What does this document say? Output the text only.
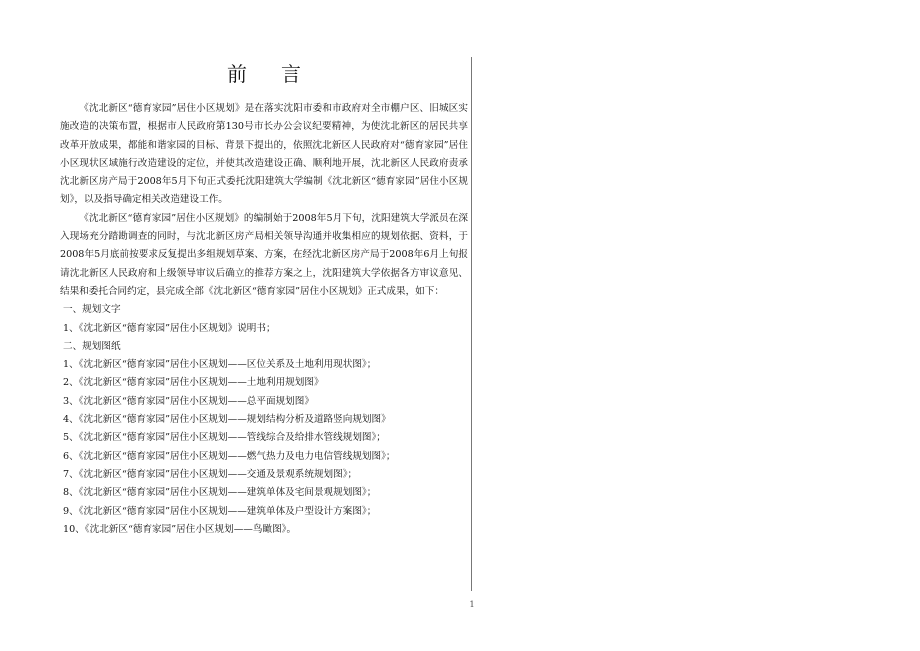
前言

《沈北新区“德育家园”居住小区规划》是在落实沈阳市委和市政府对全市棚户区、旧城区实施改造的决策布置，根据市人民政府第130号市长办公会议纪要精神，为使沈北新区的居民共享改革开放成果，都能和谐家园的目标、背景下提出的，依照沈北新区人民政府对“德育家园”居住小区现状区域施行改造建设的定位，并使其改造建设正确、顺利地开展，沈北新区人民政府责承沈北新区房产局于2008年5月下旬正式委托沈阳建筑大学编制《沈北新区“德育家园”居住小区规划》，以及指导确定相关改造建设工作。

《沈北新区“德育家园”居住小区规划》的编制始于2008年5月下旬，沈阳建筑大学派员在深入现场充分踏勘调查的同时，与沈北新区房产局相关领导沟通并收集相应的规划依据、资料，于2008年5月底前按要求反复提出多组规划草案、方案，在经沈北新区房产局于2008年6月上旬报请沈北新区人民政府和上级领导审议后确立的推荐方案之上，沈阳建筑大学依据各方审议意见、结果和委托合同约定，县完成全部《沈北新区“德育家园”居住小区规划》正式成果，如下：

一、规划文字

1、《沈北新区“德育家园”居住小区规划》说明书；

二、规划图纸

1、《沈北新区“德育家园”居住小区规划——区位关系及土地利用现状图》；

2、《沈北新区“德育家园”居住小区规划——土地利用规划图》

3、《沈北新区“德育家园”居住小区规划——总平面规划图》

4、《沈北新区“德育家园”居住小区规划——规划结构分析及道路竖向规划图》

5、《沈北新区“德育家园”居住小区规划——管线综合及给排水管线规划图》；

6、《沈北新区“德育家园”居住小区规划——燃气热力及电力电信管线规划图》；

7、《沈北新区“德育家园”居住小区规划——交通及景观系统规划图》；

8、《沈北新区“德育家园”居住小区规划——建筑单体及宅间景观规划图》；

9、《沈北新区“德育家园”居住小区规划——建筑单体及户型设计方案图》；

10、《沈北新区“德育家园”居住小区规划——鸟瞰图》。

1
